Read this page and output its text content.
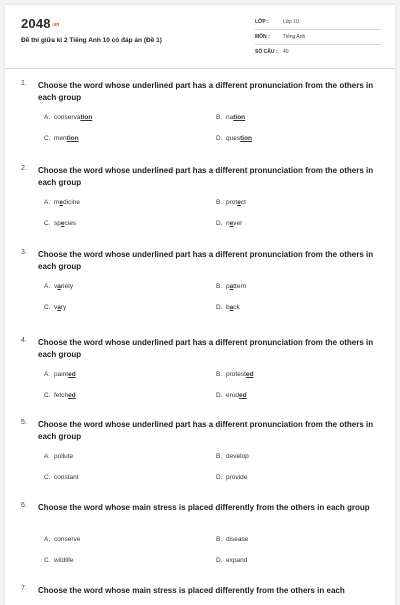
2048.vn
Đề thi giữa kì 2 Tiếng Anh 10 có đáp án (Đề 1)
LỚP :	Lớp 10
MÔN :	Tiếng Anh
SỐ CÂU : 40
1. Choose the word whose underlined part has a different pronunciation from the others in each group
A. conservation	B. nation
C. mention	D. question
2. Choose the word whose underlined part has a different pronunciation from the others in each group
A. medicine	B. protect
C. species	D. never
3. Choose the word whose underlined part has a different pronunciation from the others in each group
A. variety	B. pattern
C. vary	D. back
4. Choose the word whose underlined part has a different pronunciation from the others in each group
A. painted	B. protested
C. fetched	D. eroded
5. Choose the word whose underlined part has a different pronunciation from the others in each group
A. pollute	B. develop
C. constant	D. provide
6. Choose the word whose main stress is placed differently from the others in each group
A. conserve	B. disease
C. wildlife	D. expand
7. Choose the word whose main stress is placed differently from the others in each
